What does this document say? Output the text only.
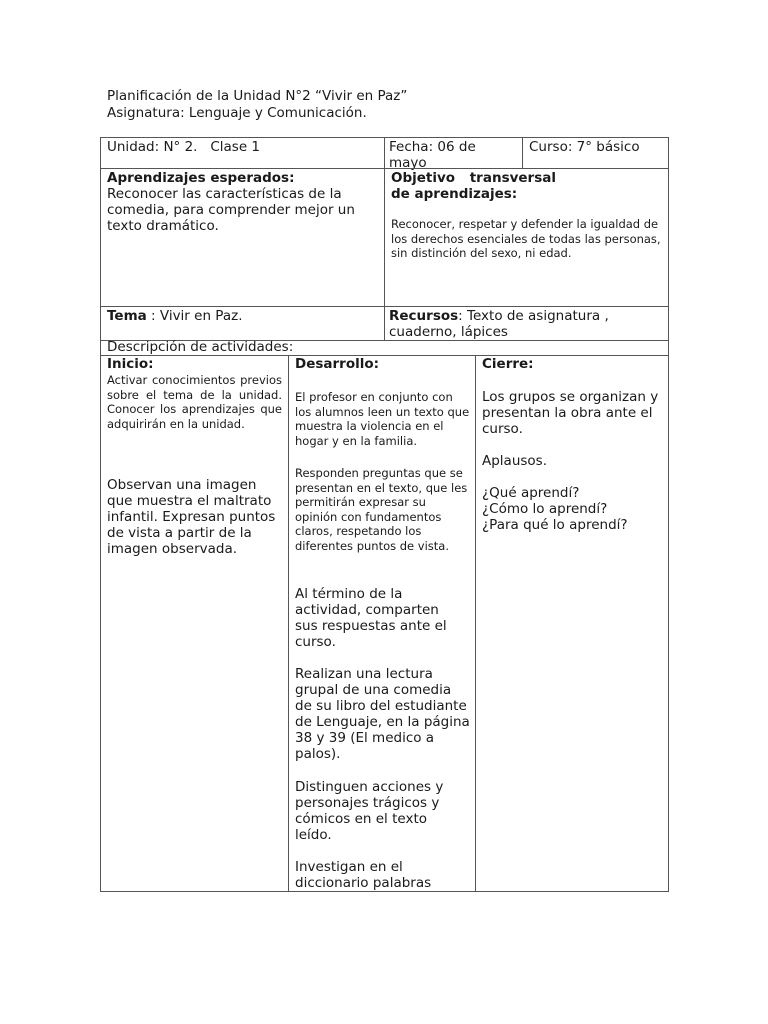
Planificación de la Unidad N°2 “Vivir en Paz”
Asignatura: Lenguaje y Comunicación.
Unidad: N° 2.   Clase 1	Fecha: 06 de mayo
Curso: 7° básico
Aprendizajes esperados:
Reconocer las características de la comedia, para comprender mejor un texto dramático.
Objetivo transversal de aprendizajes:
Reconocer, respetar y defender la igualdad de los derechos esenciales de todas las personas, sin distinción del sexo, ni edad.
Tema : Vivir en Paz.	Recursos: Texto de asignatura , cuaderno, lápices
Descripción de actividades:
Inicio:
Activar conocimientos previos sobre el tema de la unidad. Conocer los aprendizajes que adquirirán en la unidad.
Observan una imagen que muestra el maltrato infantil. Expresan puntos de vista a partir de la imagen observada.
Desarrollo:
El profesor en conjunto con los alumnos leen un texto que muestra la violencia en el hogar y en la familia.
Responden preguntas que se presentan en el texto, que les permitirán expresar su opinión con fundamentos claros, respetando los diferentes puntos de vista.
Al término de la actividad, comparten sus respuestas ante el curso.
Realizan una lectura grupal de una comedia de su libro del estudiante de Lenguaje, en la página 38 y 39 (El medico a palos).
Distinguen acciones y personajes trágicos y cómicos en el texto leído.
Investigan en el diccionario palabras
Cierre:
Los grupos se organizan y presentan la obra ante el curso.
Aplausos.
¿Qué aprendí?
¿Cómo lo aprendí?
¿Para qué lo aprendí?
